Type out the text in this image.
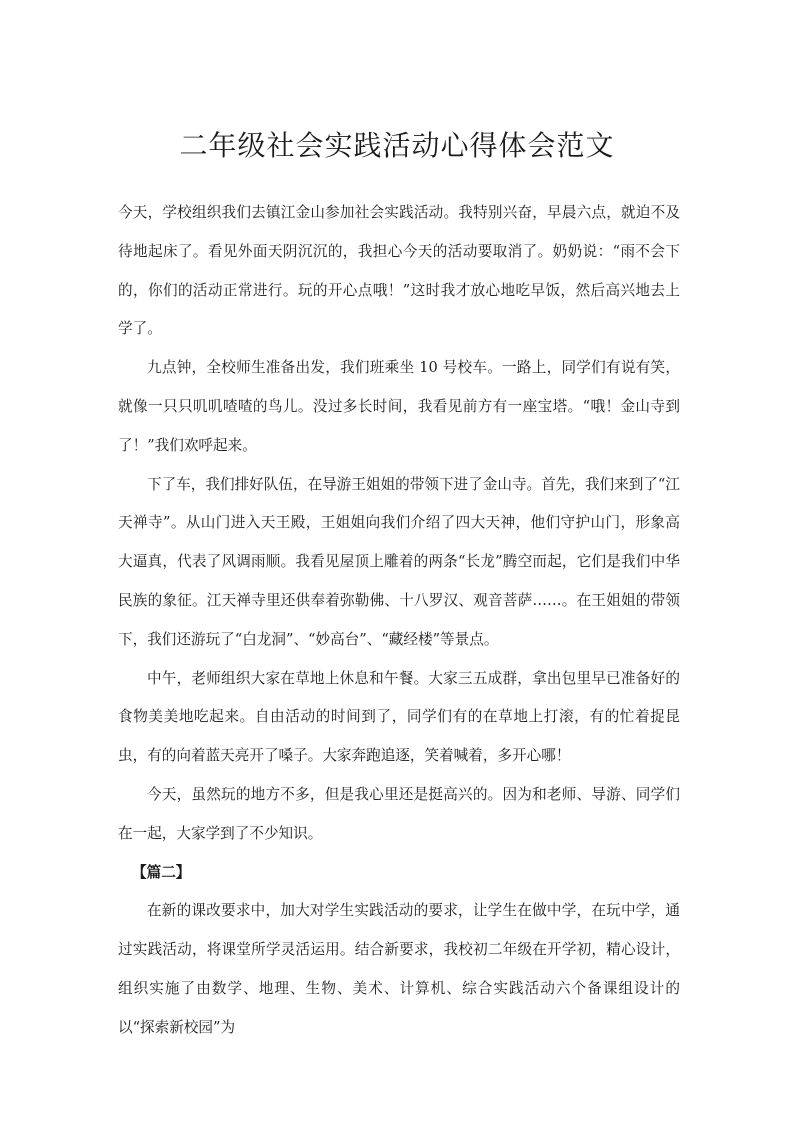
二年级社会实践活动心得体会范文

今天，学校组织我们去镇江金山参加社会实践活动。我特别兴奋，早晨六点，就迫不及待地起床了。看见外面天阴沉沉的，我担心今天的活动要取消了。奶奶说：“雨不会下的，你们的活动正常进行。玩的开心点哦！”这时我才放心地吃早饭，然后高兴地去上学了。

九点钟，全校师生准备出发，我们班乘坐 10 号校车。一路上，同学们有说有笑，就像一只只叽叽喳喳的鸟儿。没过多长时间，我看见前方有一座宝塔。“哦！金山寺到了！”我们欢呼起来。

下了车，我们排好队伍，在导游王姐姐的带领下进了金山寺。首先，我们来到了“江天禅寺”。从山门进入天王殿，王姐姐向我们介绍了四大天神，他们守护山门，形象高大逼真，代表了风调雨顺。我看见屋顶上雕着的两条“长龙”腾空而起，它们是我们中华民族的象征。江天禅寺里还供奉着弥勒佛、十八罗汉、观音菩萨……。在王姐姐的带领下，我们还游玩了“白龙洞”、“妙高台”、“藏经楼”等景点。

中午，老师组织大家在草地上休息和午餐。大家三五成群，拿出包里早已准备好的食物美美地吃起来。自由活动的时间到了，同学们有的在草地上打滚，有的忙着捉昆虫，有的向着蓝天亮开了嗓子。大家奔跑追逐，笑着喊着，多开心哪！

今天，虽然玩的地方不多，但是我心里还是挺高兴的。因为和老师、导游、同学们在一起，大家学到了不少知识。

【篇二】

在新的课改要求中，加大对学生实践活动的要求，让学生在做中学，在玩中学，通过实践活动，将课堂所学灵活运用。结合新要求，我校初二年级在开学初，精心设计，组织实施了由数学、地理、生物、美术、计算机、综合实践活动六个备课组设计的以“探索新校园”为
